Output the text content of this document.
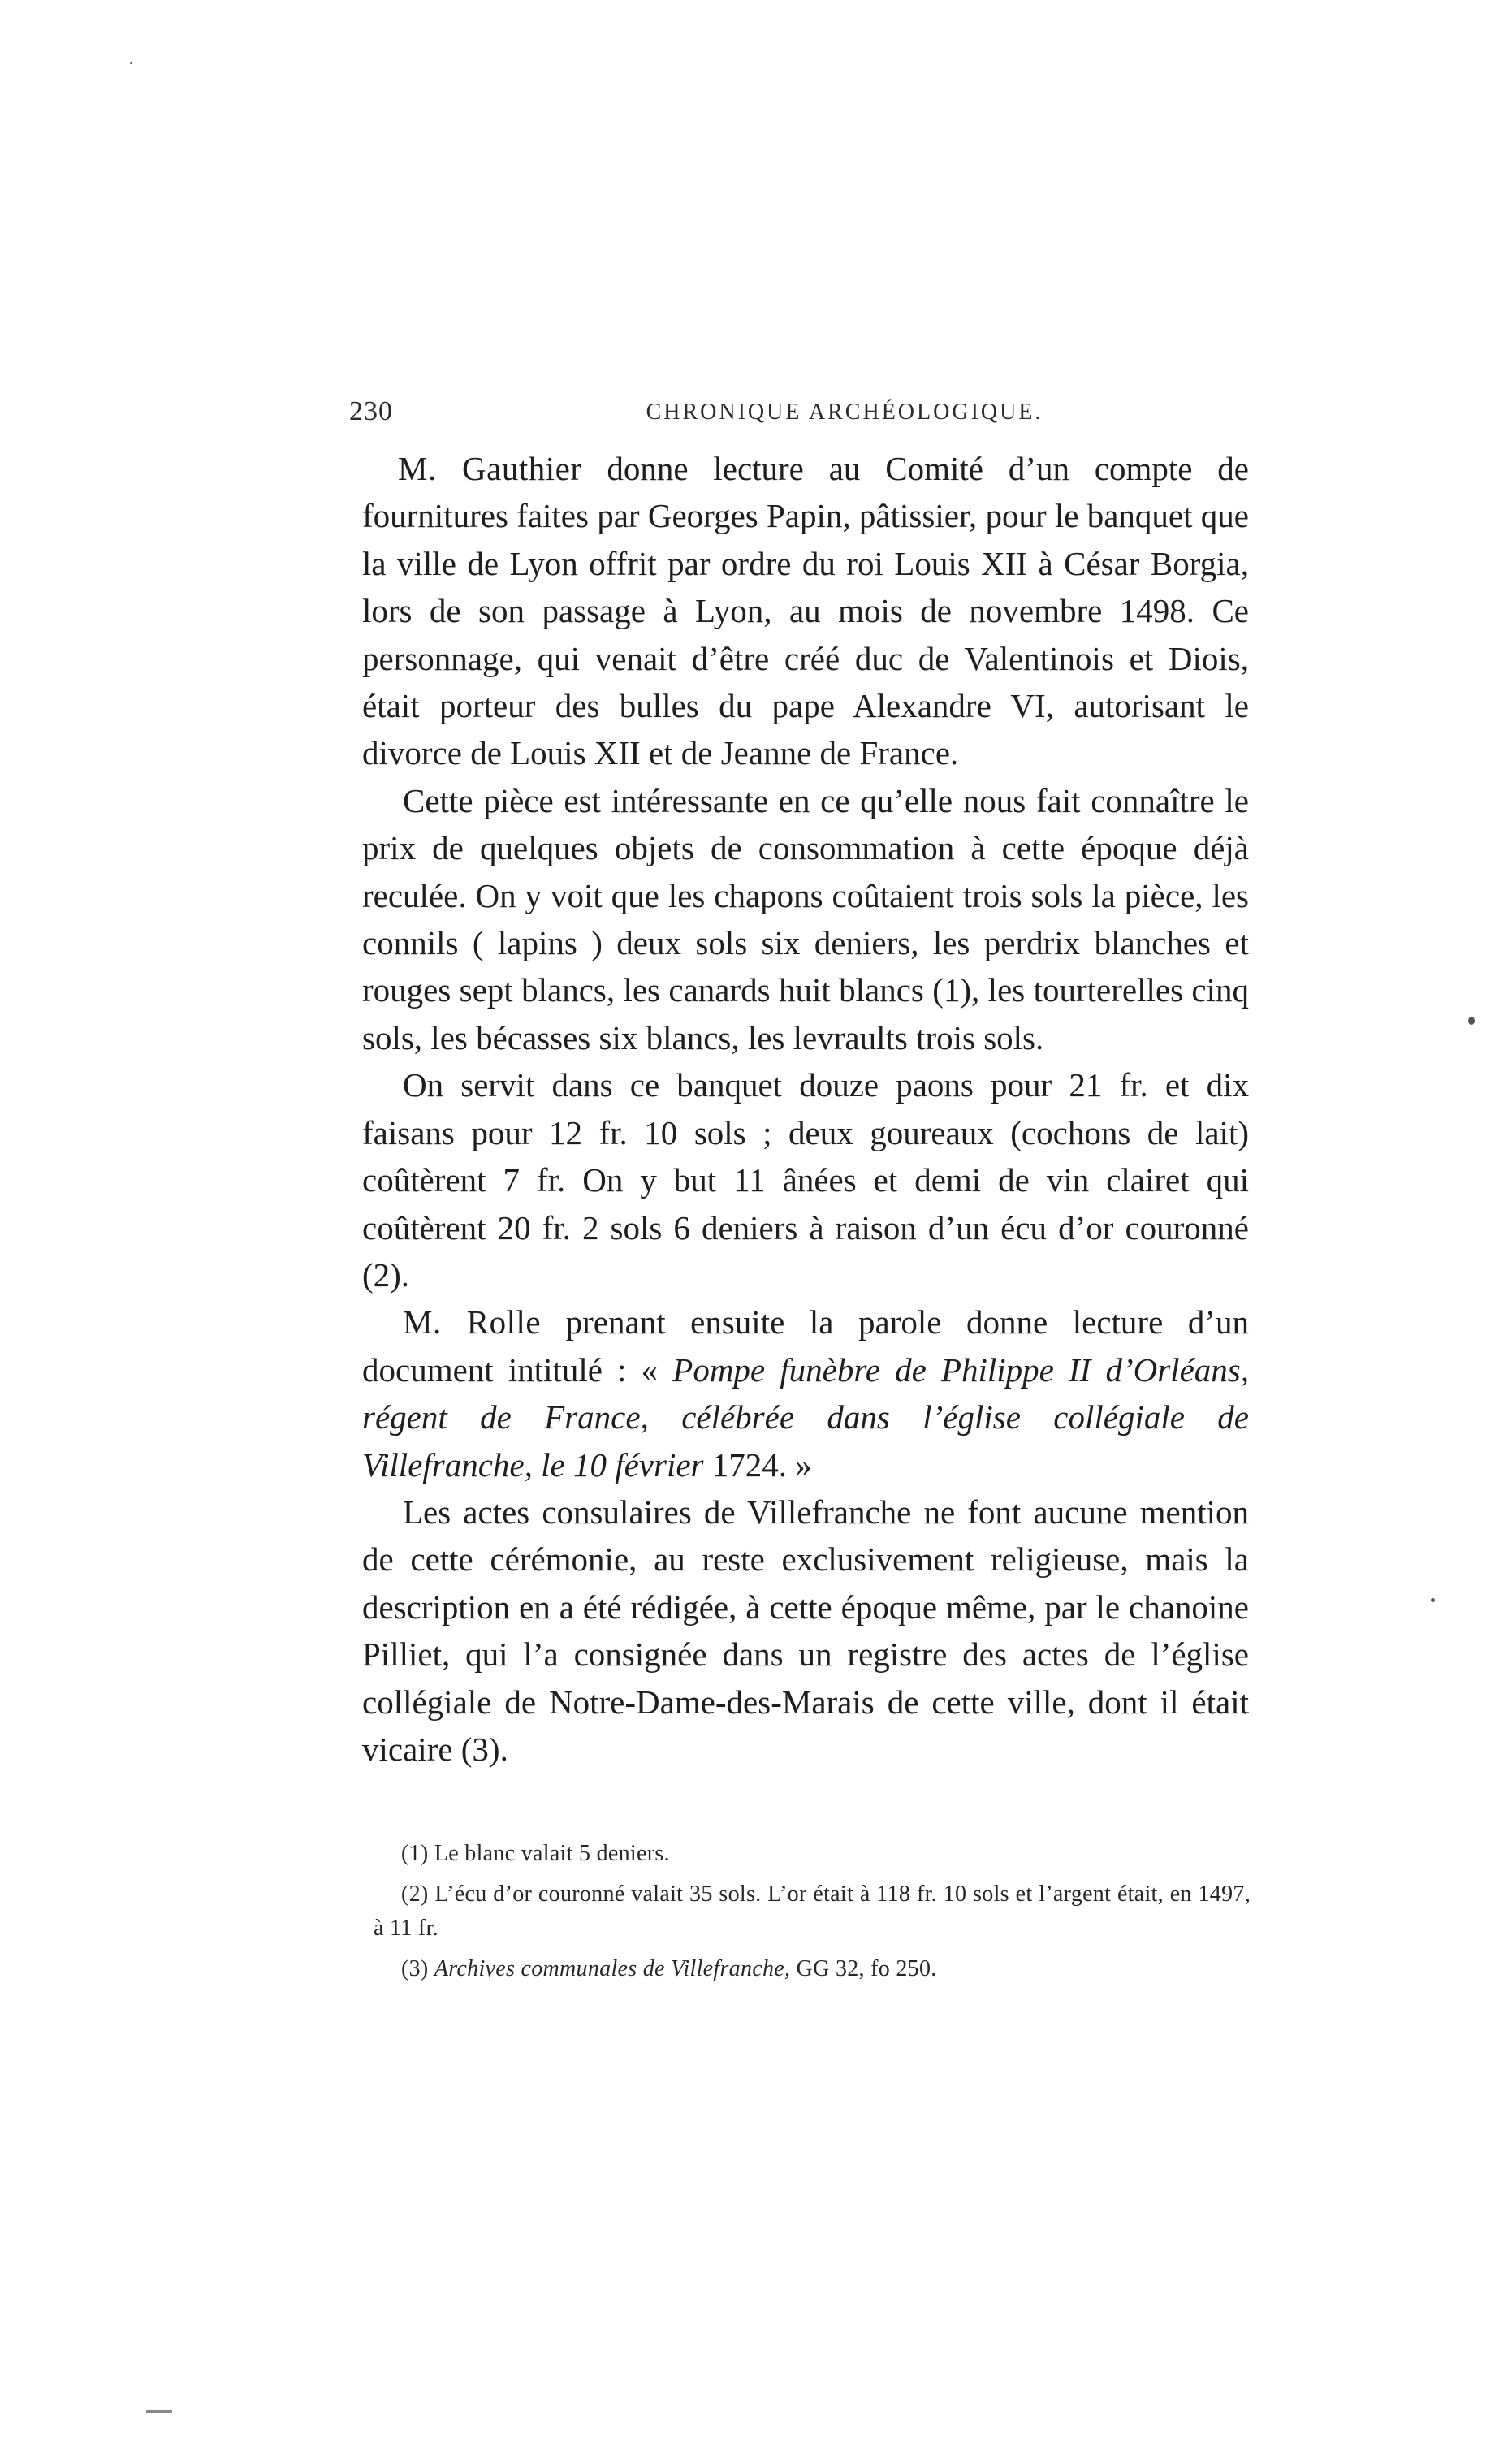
230	CHRONIQUE ARCHÉOLOGIQUE.

M. Gauthier donne lecture au Comité d’un compte de fournitures faites par Georges Papin, pâtissier, pour le banquet que la ville de Lyon offrit par ordre du roi Louis XII à César Borgia, lors de son passage à Lyon, au mois de novembre 1498. Ce personnage, qui venait d’être créé duc de Valentinois et Diois, était porteur des bulles du pape Alexandre VI, autorisant le divorce de Louis XII et de Jeanne de France.

Cette pièce est intéressante en ce qu’elle nous fait connaître le prix de quelques objets de consommation à cette époque déjà reculée. On y voit que les chapons coûtaient trois sols la pièce, les connils ( lapins ) deux sols six deniers, les perdrix blanches et rouges sept blancs, les canards huit blancs (1), les tourterelles cinq sols, les bécasses six blancs, les levraults trois sols.

On servit dans ce banquet douze paons pour 21 fr. et dix faisans pour 12 fr. 10 sols ; deux goureaux (cochons de lait) coûtèrent 7 fr. On y but 11 ânées et demi de vin clairet qui coûtèrent 20 fr. 2 sols 6 deniers à raison d’un écu d’or couronné (2).

M. Rolle prenant ensuite la parole donne lecture d’un document intitulé : « Pompe funèbre de Philippe II d’Orléans, régent de France, célébrée dans l’église collégiale de Villefranche, le 10 février 1724. »

Les actes consulaires de Villefranche ne font aucune mention de cette cérémonie, au reste exclusivement religieuse, mais la description en a été rédigée, à cette époque même, par le chanoine Pilliet, qui l’a consignée dans un registre des actes de l’église collégiale de Notre-Dame-des-Marais de cette ville, dont il était vicaire (3).

(1) Le blanc valait 5 deniers.

(2) L’écu d’or couronné valait 35 sols. L’or était à 118 fr. 10 sols et l’argent était, en 1497, à 11 fr.

(3) Archives communales de Villefranche, GG 32, fo 250.
